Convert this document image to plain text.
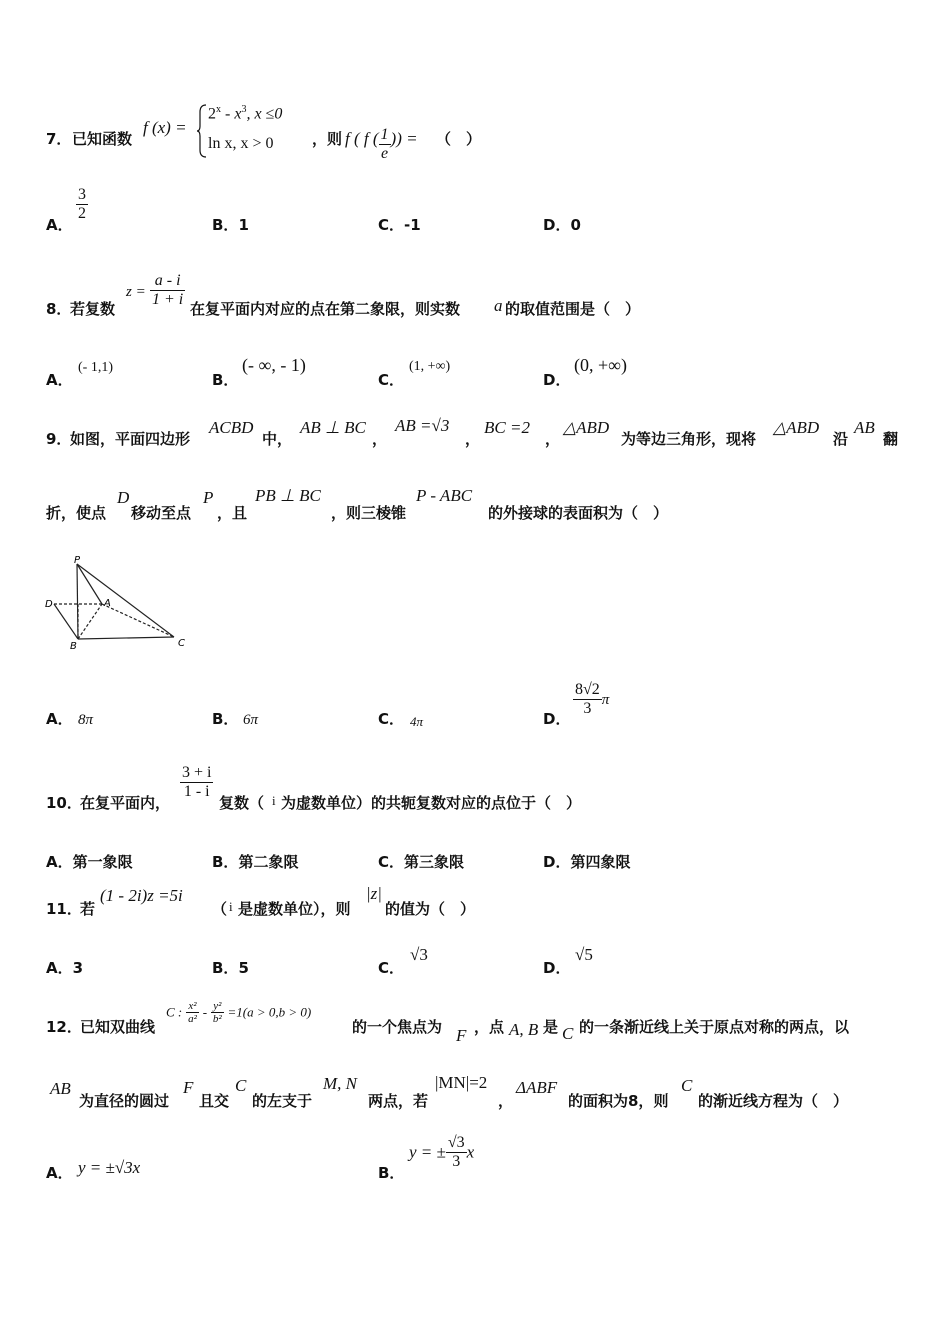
7． 已知函数
f (x) =
$2^x - x^3$, x ≤0
ln x, x > 0	，则 f ( f ( $\frac{1}{e}$ )) = （　）
A．
$\frac{3}{2}$
B．1	C．-1	D．0
8．
若复数
$z = \frac{a - i}{1 + i}$ 在复平面内对应的点在第二象限，则实数 a 的取值范围是（　）
A．
(- 1,1)
B．
(- ∞, - 1)
C．
(1, +∞)
D．
(0, +∞)
9．
如图，平面四边形
ACBD
中，
AB ⊥ BC
，
AB =√3
，
BC =2
，
△ABD
为等边三角形，现将
△ABD
沿
AB
翻
折，使点
D
移动至点
P
，且
PB ⊥ BC
，则三棱锥
P - ABC
的外接球的表面积为（　）
P
D	A
B	C
A． 8π	B． 6π	C． 4π	D．
$\frac{8√2}{3}$ π
10．
在复平面内，
$\frac{3 + i}{1 - i}$
复数（ i 为虚数单位）的共轭复数对应的点位于（　）
A．第一象限	B．第二象限	C．第三象限	D．第四象限
11．
若
(1 - 2i)z =5i
（ i 是虚数单位），则
|z|
的值为（　）
A．3	B．5	C．
√3
D．
√5
12．
已知双曲线
C : $\frac{\text{x²}}{\text{a²}} - \frac{\text{y²}}{\text{b²}} =1(a > 0,b > 0)$
的一个焦点为 F ，点 A, B 是 C 的一条渐近线上关于原点对称的两点，以
AB
为直径的圆过
F
且交
C
的左支于
M, N
两点，若
|MN|=2
，
ΔABF
的面积为8，则
C
的渐近线方程为（　）
A． y = ±√3x	B．
y = ± $\frac{√3}{3}$ x
